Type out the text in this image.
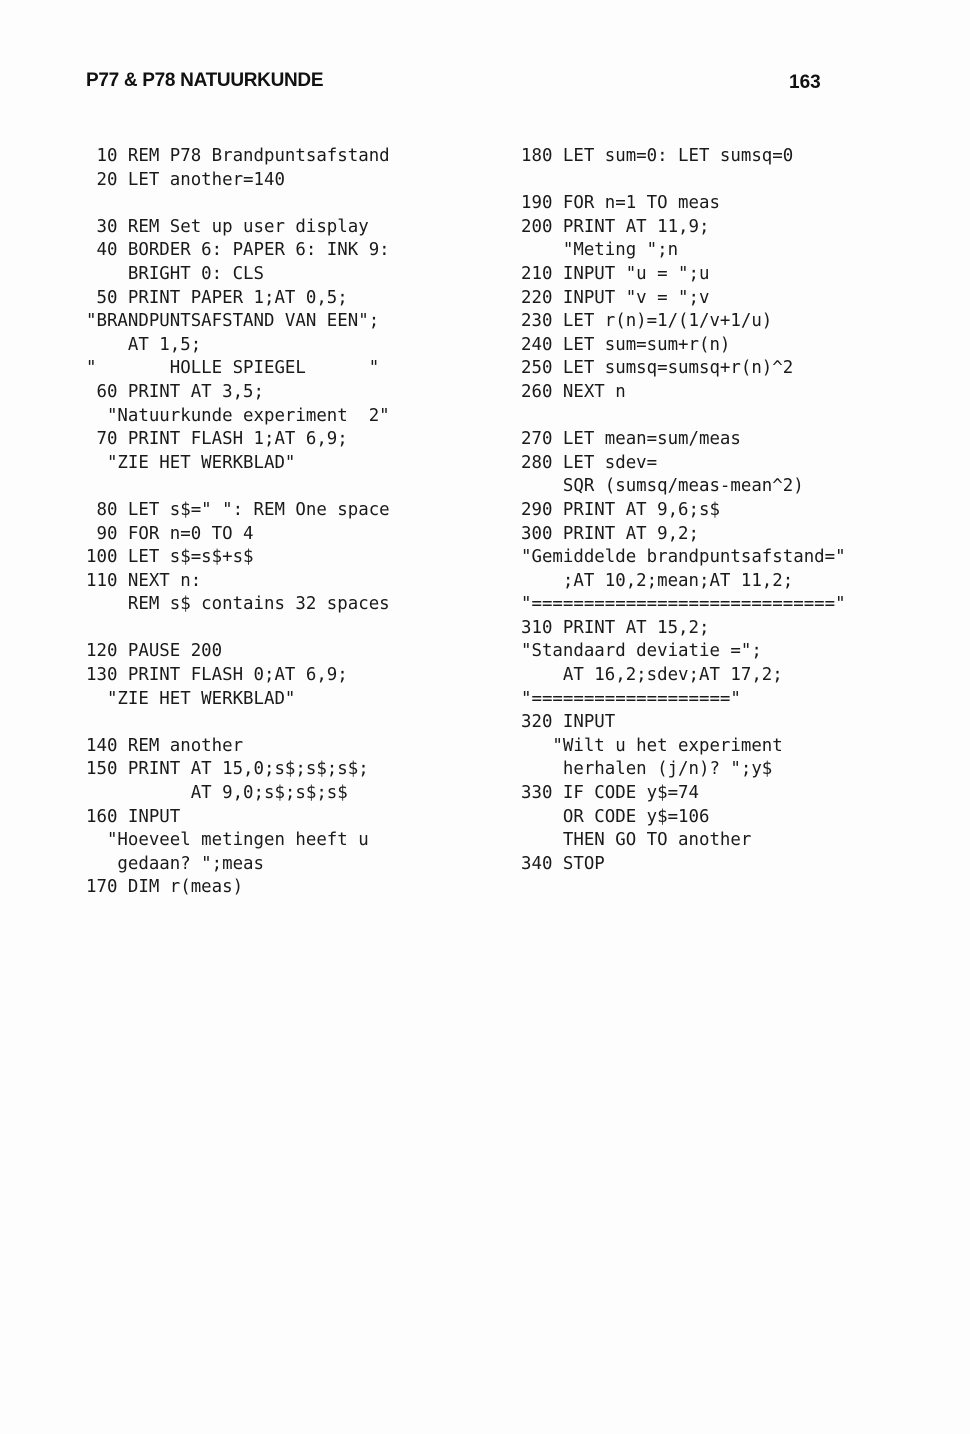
P77 & P78 NATUURKUNDE	163
10 REM P78 Brandpuntsafstand
20 LET another=140
30 REM Set up user display
40 BORDER 6: PAPER 6: INK 9:
BRIGHT 0: CLS
50 PRINT PAPER 1;AT 0,5;
"BRANDPUNTSAFSTAND VAN EEN";
AT 1,5;
"       HOLLE SPIEGEL      "
60 PRINT AT 3,5;
"Natuurkunde experiment  2"
70 PRINT FLASH 1;AT 6,9;
"ZIE HET WERKBLAD"
80 LET s$=" ": REM One space
90 FOR n=0 TO 4
100 LET s$=s$+s$
110 NEXT n:
REM s$ contains 32 spaces
120 PAUSE 200
130 PRINT FLASH 0;AT 6,9;
"ZIE HET WERKBLAD"
140 REM another
150 PRINT AT 15,0;s$;s$;s$;
AT 9,0;s$;s$;s$
160 INPUT
"Hoeveel metingen heeft u
gedaan? ";meas
170 DIM r(meas)
180 LET sum=0: LET sumsq=0
190 FOR n=1 TO meas
200 PRINT AT 11,9;
"Meting ";n
210 INPUT "u = ";u
220 INPUT "v = ";v
230 LET r(n)=1/(1/v+1/u)
240 LET sum=sum+r(n)
250 LET sumsq=sumsq+r(n)^2
260 NEXT n
270 LET mean=sum/meas
280 LET sdev=
SQR (sumsq/meas-mean^2)
290 PRINT AT 9,6;s$
300 PRINT AT 9,2;
"Gemiddelde brandpuntsafstand="
;AT 10,2;mean;AT 11,2;
"============================="
310 PRINT AT 15,2;
"Standaard deviatie =";
AT 16,2;sdev;AT 17,2;
"==================="
320 INPUT
"Wilt u het experiment
herhalen (j/n)? ";y$
330 IF CODE y$=74
OR CODE y$=106
THEN GO TO another
340 STOP
